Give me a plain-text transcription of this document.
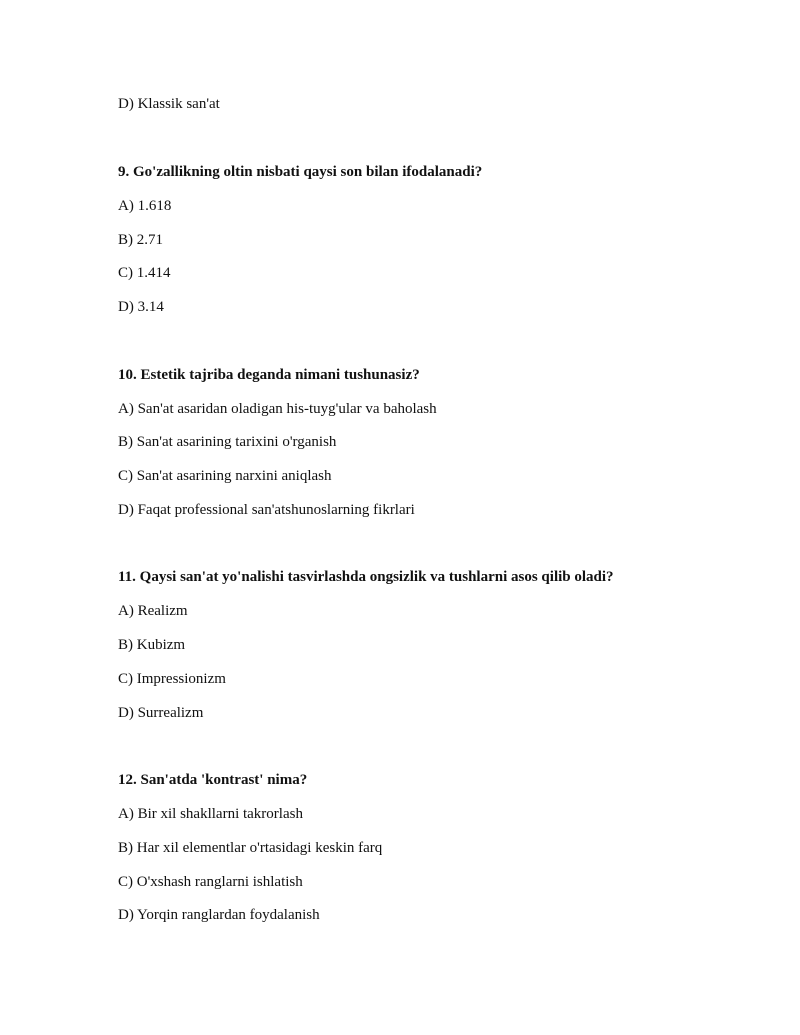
D) Klassik san'at
9. Go'zallikning oltin nisbati qaysi son bilan ifodalanadi?
A) 1.618
B) 2.71
C) 1.414
D) 3.14
10. Estetik tajriba deganda nimani tushunasiz?
A) San'at asaridan oladigan his-tuyg'ular va baholash
B) San'at asarining tarixini o'rganish
C) San'at asarining narxini aniqlash
D) Faqat professional san'atshunoslarning fikrlari
11. Qaysi san'at yo'nalishi tasvirlashda ongsizlik va tushlarni asos qilib oladi?
A) Realizm
B) Kubizm
C) Impressionizm
D) Surrealizm
12. San'atda 'kontrast' nima?
A) Bir xil shakllarni takrorlash
B) Har xil elementlar o'rtasidagi keskin farq
C) O'xshash ranglarni ishlatish
D) Yorqin ranglardan foydalanish
